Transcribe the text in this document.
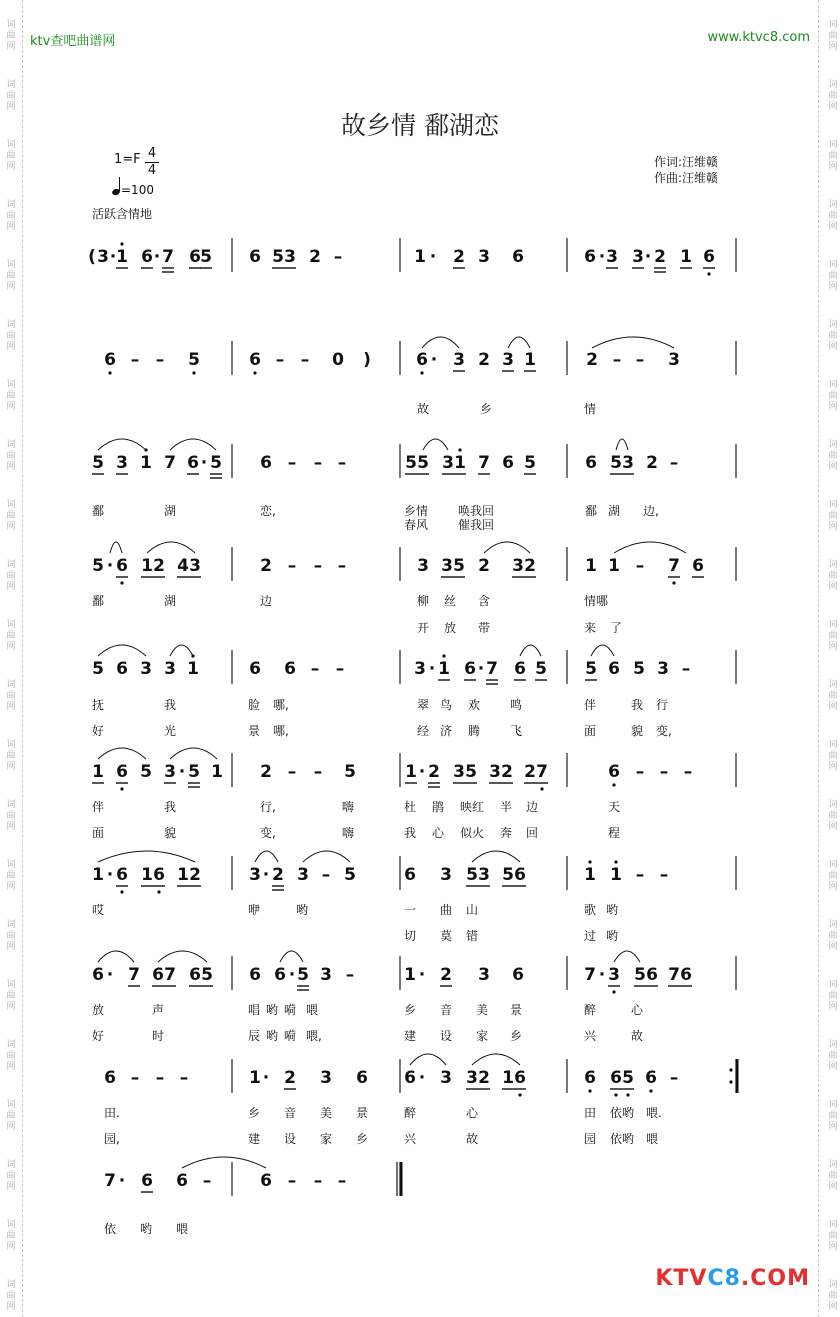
词
曲
网
词
曲
网
词
曲
网
词
曲
网
词
曲
网
词
曲
网
词
曲
网
词
曲
网
词
曲
网
词
曲
网
词
曲
网
词
曲
网
词
曲
网
词
曲
网
词
曲
网
词
曲
网
词
曲
网
词
曲
网
词
曲
网
词
曲
网
词
曲
网
词
曲
网
词
曲
网
词
曲
网
词
曲
网
词
曲
网
词
曲
网
词
曲
网
词
曲
网
词
曲
网
词
曲
网
词
曲
网
词
曲
网
词
曲
网
词
曲
网
词
曲
网
词
曲
网
词
曲
网
词
曲
网
词
曲
网
词
曲
网
词
曲
网
词
曲
网
词
曲
网
ktv查吧曲谱网	www.ktvc8.com
故乡情 鄱湖恋
1=F 4
4
=100
活跃含情地
作词:汪维赣
作曲:汪维赣
( 3 · 1 6 · 7 6 5 6 5 3 2 –	1 · 2 3 6	6 · 3 3 · 2 1 6
6 – – 5	6 – – 0 )	6 · 3 2 3 1	2 – – 3
5 3 1 7 6 · 5 6 – – –	5 5 3 1 7 6 5	6 5 3 2 –
5 · 6 1 2 4 3	2 – – –	3 3 5 2 3 2	1 1 – 7 6
5 6 3 3 1	6 6 – –	3 · 1 6 · 7 6 5 5 6 5 3 –
1 6 5 3 · 5 1 2 – – 5	1 · 2 3 5 3 2 2 7	6 – – –
1 · 6 1 6 1 2	3 · 2 3 – 5	6 3 5 3 5 6	1 1 – –
6 · 7 6 7 6 5 6 6 · 5 3 –	1 · 2 3 6	7 · 3 5 6 7 6
6 – – –	1 · 2 3 6 6 · 3 3 2 1 6	6 6 5 6 –
7 · 6 6 –	6 – – –
故	乡	情
鄱	湖	恋,	乡情 唤我回	鄱 湖 边,
春风 催我回
鄱	湖	边	柳 丝 含	情哪
开 放 带	来 了
抚	我	脸 哪,	翠 鸟 欢 鸣	伴	我 行
好	光	景 哪,	经 济 腾 飞	面	貌 变,
伴	我	行,	嗨	杜 鹃 映红 半 边	天
面	貌	变,	嗨	我 心 似火 奔 回	程
哎	咿	哟	一 曲 山	歌 哟
切 莫 错	过 哟
放	声	唱 哟 嗬 喂	乡 音 美 景	醉	心
好	时	辰 哟 嗬 喂,	建 设 家 乡	兴	故
田.	乡 音 美 景	醉	心	田 依哟 喂.
园,	建 设 家 乡	兴	故	园 依哟 喂
依 哟 喂
KTVC8.COM
